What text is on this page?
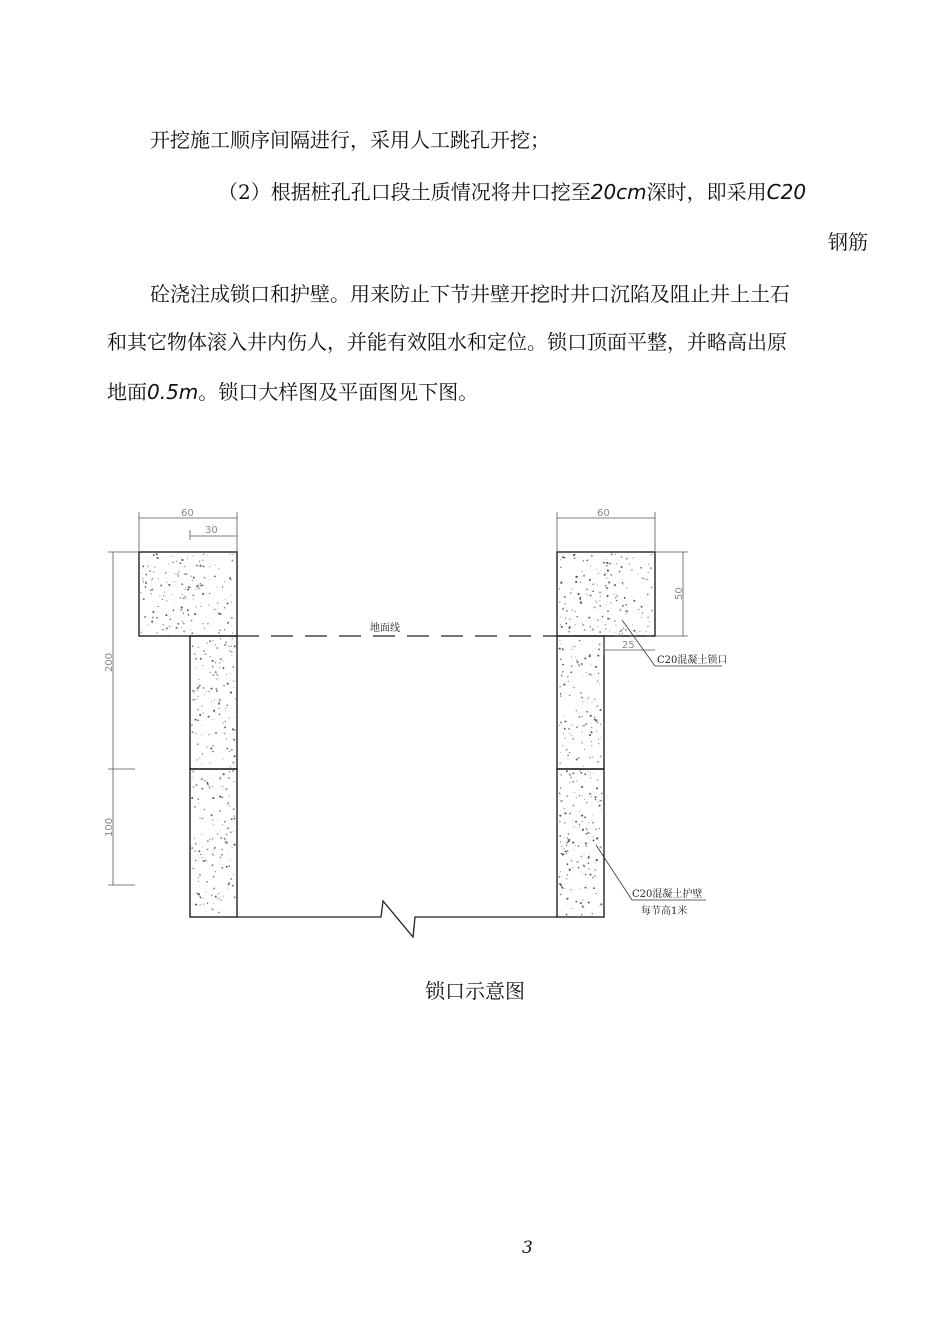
开挖施工顺序间隔进行，采用人工跳孔开挖；
（2）根据桩孔孔口段土质情况将井口挖至20cm深时，即采用C20
钢筋
砼浇注成锁口和护壁。用来防止下节井壁开挖时井口沉陷及阻止井上土石
和其它物体滚入井内伤人，并能有效阻水和定位。锁口顶面平整，并略高出原
地面0.5m。锁口大样图及平面图见下图。
地面线
60
30
60
50
25
200
100
C20混凝土锁口
C20混凝土护壁
每节高1米
锁口示意图
3
